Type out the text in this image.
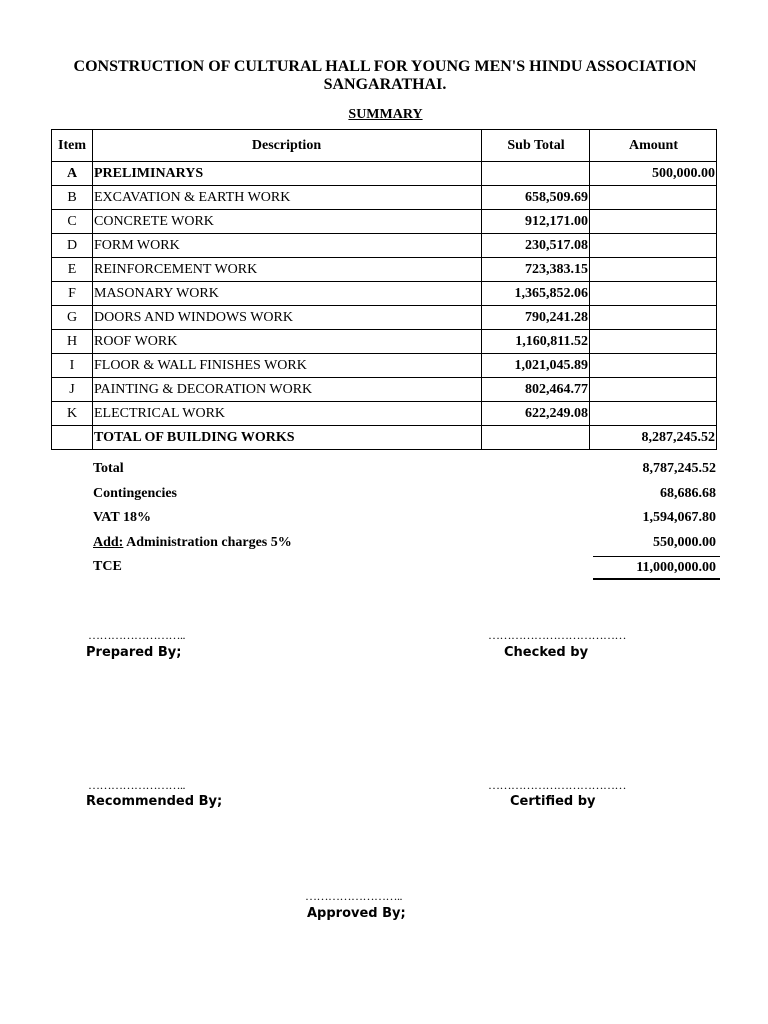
CONSTRUCTION OF CULTURAL HALL FOR YOUNG MEN'S HINDU ASSOCIATION
SANGARATHAI.
SUMMARY
Item	Description	Sub Total	Amount
A	PRELIMINARYS		500,000.00
B	EXCAVATION & EARTH WORK	658,509.69	
C	CONCRETE WORK	912,171.00	
D	FORM WORK	230,517.08	
E	REINFORCEMENT WORK	723,383.15	
F	MASONARY WORK	1,365,852.06	
G	DOORS AND WINDOWS WORK	790,241.28	
H	ROOF WORK	1,160,811.52	
I	FLOOR & WALL FINISHES WORK	1,021,045.89	
J	PAINTING & DECORATION WORK	802,464.77	
K	ELECTRICAL WORK	622,249.08	
	TOTAL OF BUILDING WORKS		8,287,245.52
Total	8,787,245.52
Contingencies	68,686.68
VAT 18%	1,594,067.80
Add: Administration charges 5%	550,000.00
TCE	11,000,000.00
……………………..
Prepared By;
………………………………
Checked by
……………………..
Recommended By;
………………………………
Certified by
……………………..
Approved By;
